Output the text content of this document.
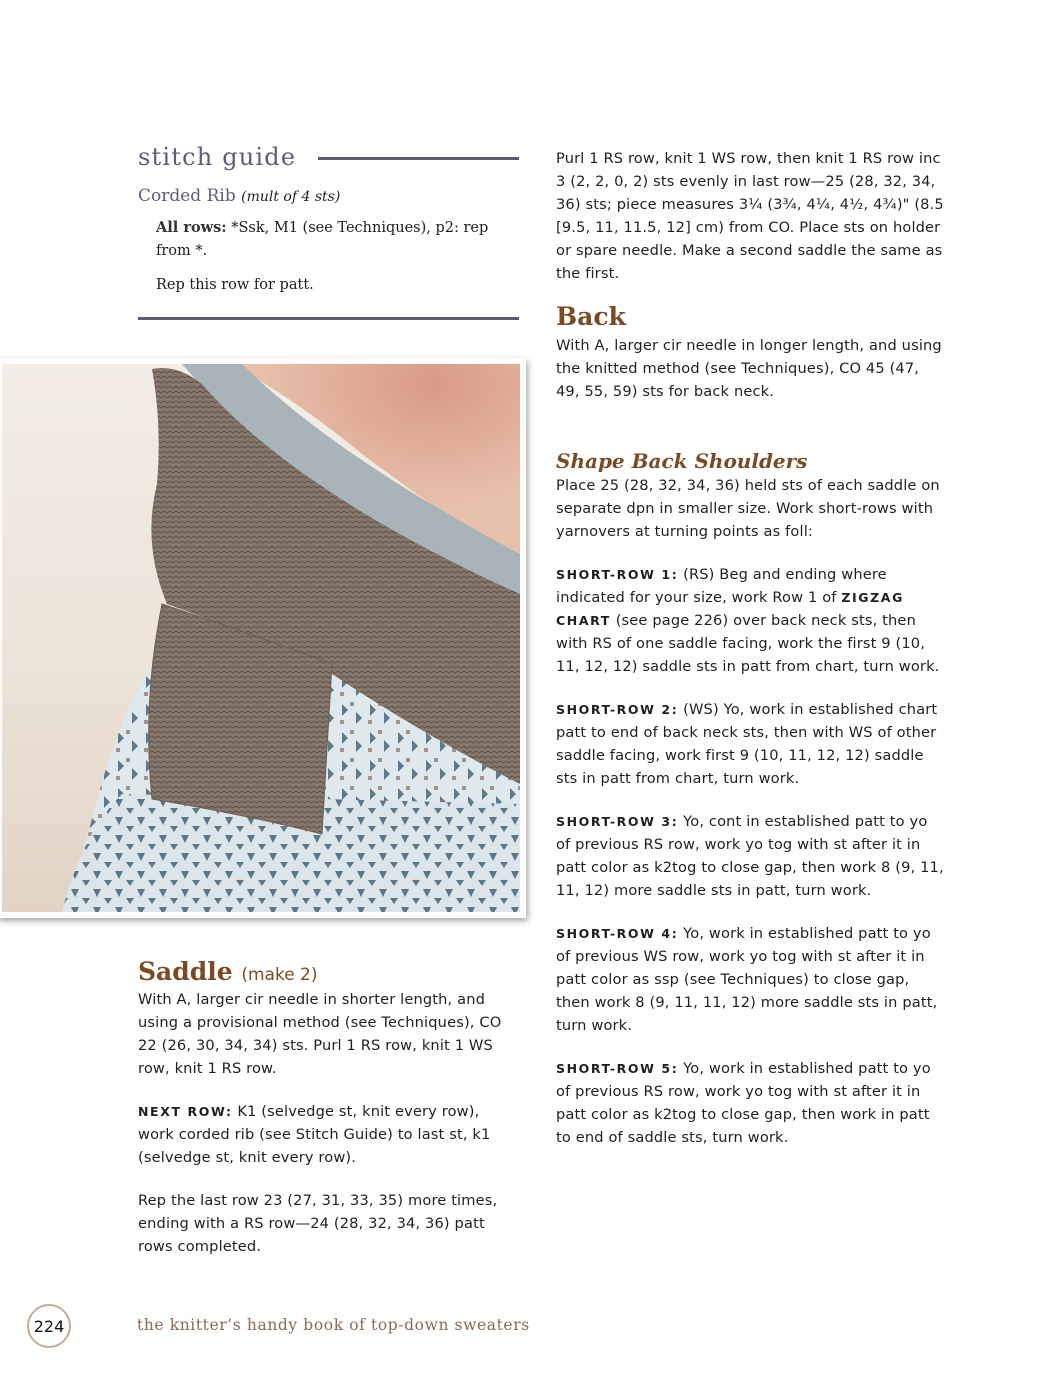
stitch guide
Corded Rib (mult of 4 sts)
All rows: *Ssk, M1 (see Techniques), p2: rep from *.
Rep this row for patt.
Saddle (make 2)

With A, larger cir needle in shorter length, and using a provisional method (see Techniques), CO 22 (26, 30, 34, 34) sts. Purl 1 RS row, knit 1 WS row, knit 1 RS row.

NEXT ROW: K1 (selvedge st, knit every row), work corded rib (see Stitch Guide) to last st, k1 (selvedge st, knit every row).

Rep the last row 23 (27, 31, 33, 35) more times, ending with a RS row—24 (28, 32, 34, 36) patt rows completed.

Purl 1 RS row, knit 1 WS row, then knit 1 RS row inc 3 (2, 2, 0, 2) sts evenly in last row—25 (28, 32, 34, 36) sts; piece measures 3¼ (3¾, 4¼, 4½, 4¾)" (8.5 [9.5, 11, 11.5, 12] cm) from CO. Place sts on holder or spare needle. Make a second saddle the same as the first.
Back
With A, larger cir needle in longer length, and using the knitted method (see Techniques), CO 45 (47, 49, 55, 59) sts for back neck.
Shape Back Shoulders

Place 25 (28, 32, 34, 36) held sts of each saddle on separate dpn in smaller size. Work short-rows with yarnovers at turning points as foll:

SHORT-ROW 1: (RS) Beg and ending where indicated for your size, work Row 1 of ZIGZAG CHART (see page 226) over back neck sts, then with RS of one saddle facing, work the first 9 (10, 11, 12, 12) saddle sts in patt from chart, turn work.

SHORT-ROW 2: (WS) Yo, work in established chart patt to end of back neck sts, then with WS of other saddle facing, work first 9 (10, 11, 12, 12) saddle sts in patt from chart, turn work.

SHORT-ROW 3: Yo, cont in established patt to yo of previous RS row, work yo tog with st after it in patt color as k2tog to close gap, then work 8 (9, 11, 11, 12) more saddle sts in patt, turn work.

SHORT-ROW 4: Yo, work in established patt to yo of previous WS row, work yo tog with st after it in patt color as ssp (see Techniques) to close gap, then work 8 (9, 11, 11, 12) more saddle sts in patt, turn work.

SHORT-ROW 5: Yo, work in established patt to yo of previous RS row, work yo tog with st after it in patt color as k2tog to close gap, then work in patt to end of saddle sts, turn work.

224	the knitter’s handy book of top-down sweaters
